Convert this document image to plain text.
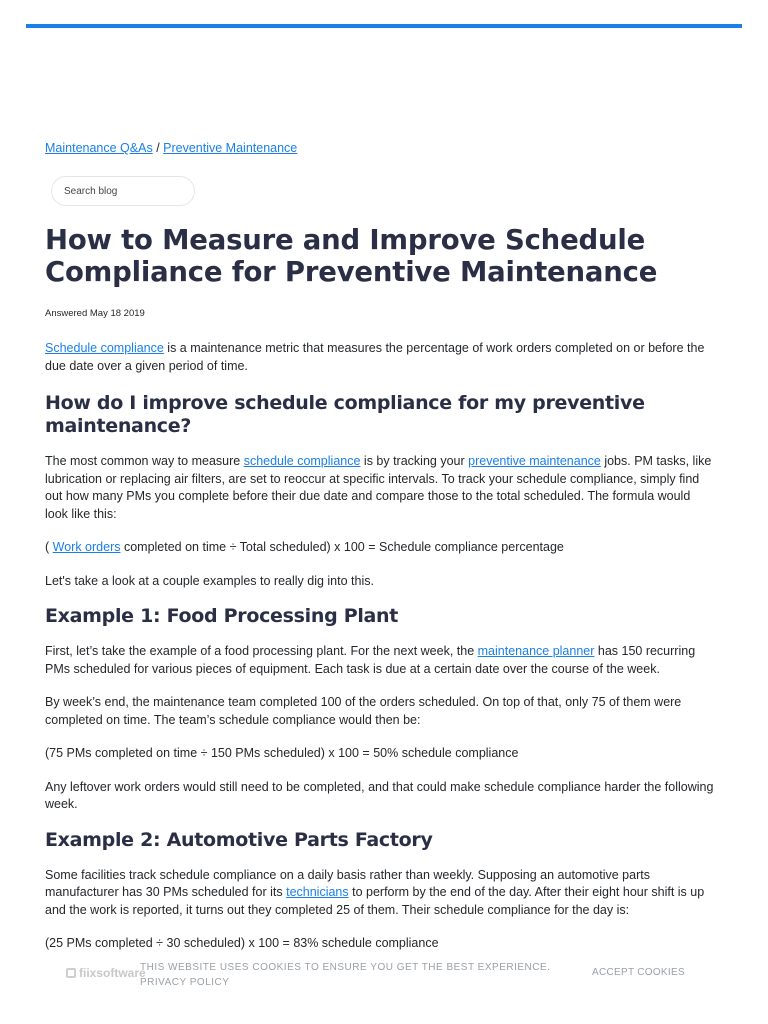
Maintenance Q&As / Preventive Maintenance
Search blog
How to Measure and Improve Schedule Compliance for Preventive Maintenance
Answered May 18 2019

Schedule compliance is a maintenance metric that measures the percentage of work orders completed on or before the due date over a given period of time.

How do I improve schedule compliance for my preventive maintenance?

The most common way to measure schedule compliance is by tracking your preventive maintenance jobs. PM tasks, like lubrication or replacing air filters, are set to reoccur at specific intervals. To track your schedule compliance, simply find out how many PMs you complete before their due date and compare those to the total scheduled. The formula would look like this:

( Work orders completed on time ÷ Total scheduled) x 100 = Schedule compliance percentage

Let's take a look at a couple examples to really dig into this.

Example 1: Food Processing Plant

First, let’s take the example of a food processing plant. For the next week, the maintenance planner has 150 recurring PMs scheduled for various pieces of equipment. Each task is due at a certain date over the course of the week.

By week’s end, the maintenance team completed 100 of the orders scheduled. On top of that, only 75 of them were completed on time. The team’s schedule compliance would then be:

(75 PMs completed on time ÷ 150 PMs scheduled) x 100 = 50% schedule compliance

Any leftover work orders would still need to be completed, and that could make schedule compliance harder the following week.

Example 2: Automotive Parts Factory

Some facilities track schedule compliance on a daily basis rather than weekly. Supposing an automotive parts manufacturer has 30 PMs scheduled for its technicians to perform by the end of the day. After their eight hour shift is up and the work is reported, it turns out they completed 25 of them. Their schedule compliance for the day is:

(25 PMs completed ÷ 30 scheduled) x 100 = 83% schedule compliance

fiixsoftware
THIS WEBSITE USES COOKIES TO ENSURE YOU GET THE BEST EXPERIENCE.
PRIVACY POLICY
ACCEPT COOKIES
